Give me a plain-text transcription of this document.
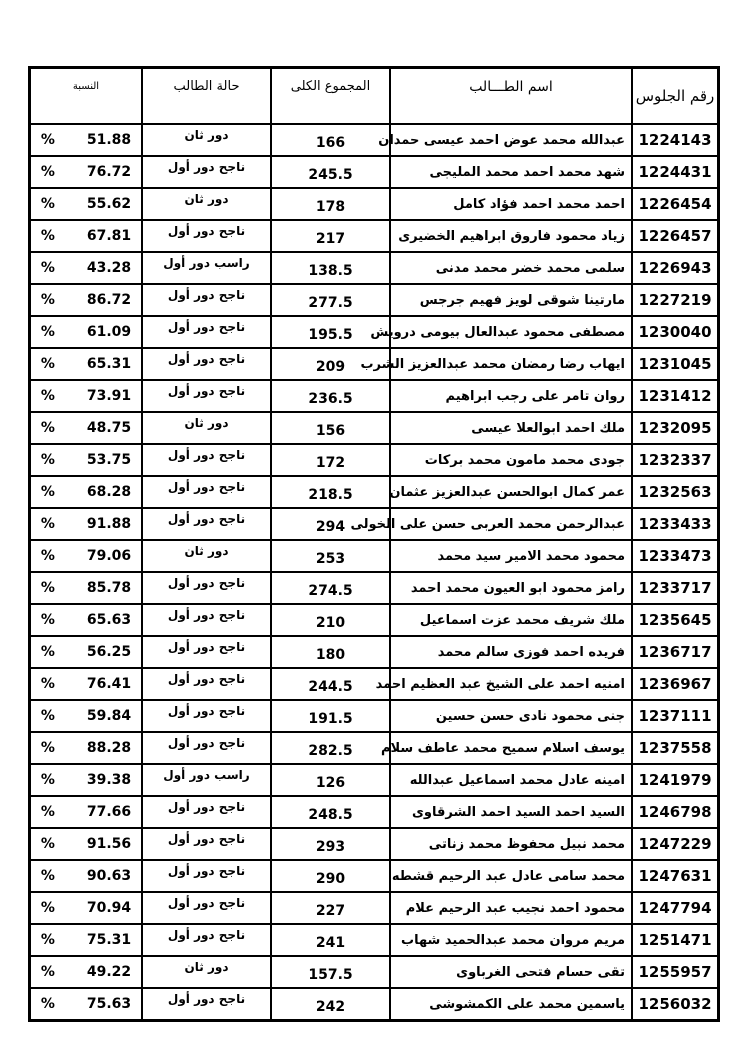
النسبة	حالة الطالب	المجموع الكلى	اسم الطـــالب	رقم الجلوس
% 51.88	دور ثان	166	عبدالله محمد عوض احمد عيسى حمدان	1224143
% 76.72	ناجح دور أول	245.5	شهد محمد احمد محمد المليجى	1224431
% 55.62	دور ثان	178	احمد محمد احمد فؤاد كامل	1226454
% 67.81	ناجح دور أول	217	زياد محمود فاروق ابراهيم الخضيرى	1226457
% 43.28	راسب دور أول	138.5	سلمى محمد خضر محمد مدنى	1226943
% 86.72	ناجح دور أول	277.5	مارتينا شوقى لويز فهيم جرجس	1227219
% 61.09	ناجح دور أول	195.5	مصطفى محمود عبدالعال بيومى درويش	1230040
% 65.31	ناجح دور أول	209	ايهاب رضا رمضان محمد عبدالعزيز الشرب	1231045
% 73.91	ناجح دور أول	236.5	روان تامر على رجب ابراهيم	1231412
% 48.75	دور ثان	156	ملك احمد ابوالعلا عيسى	1232095
% 53.75	ناجح دور أول	172	جودى محمد مامون محمد بركات	1232337
% 68.28	ناجح دور أول	218.5	عمر كمال ابوالحسن عبدالعزيز عثمان	1232563
% 91.88	ناجح دور أول	294	عبدالرحمن محمد العربى حسن على الخولى	1233433
% 79.06	دور ثان	253	محمود محمد الامير سيد محمد	1233473
% 85.78	ناجح دور أول	274.5	رامز محمود ابو العيون محمد احمد	1233717
% 65.63	ناجح دور أول	210	ملك شريف محمد عزت اسماعيل	1235645
% 56.25	ناجح دور أول	180	فريده احمد فوزى سالم محمد	1236717
% 76.41	ناجح دور أول	244.5	امنيه احمد على الشيخ عبد العظيم احمد	1236967
% 59.84	ناجح دور أول	191.5	جنى محمود نادى حسن حسين	1237111
% 88.28	ناجح دور أول	282.5	يوسف اسلام سميح محمد عاطف سلام	1237558
% 39.38	راسب دور أول	126	امينه عادل محمد اسماعيل عبدالله	1241979
% 77.66	ناجح دور أول	248.5	السيد احمد السيد احمد الشرقاوى	1246798
% 91.56	ناجح دور أول	293	محمد نبيل محفوظ محمد زناتى	1247229
% 90.63	ناجح دور أول	290	محمد سامى عادل عبد الرحيم قشطه	1247631
% 70.94	ناجح دور أول	227	محمود احمد نجيب عبد الرحيم علام	1247794
% 75.31	ناجح دور أول	241	مريم مروان محمد عبدالحميد شهاب	1251471
% 49.22	دور ثان	157.5	تقى حسام فتحى الغرباوى	1255957
% 75.63	ناجح دور أول	242	ياسمين محمد على الكمشوشى	1256032
